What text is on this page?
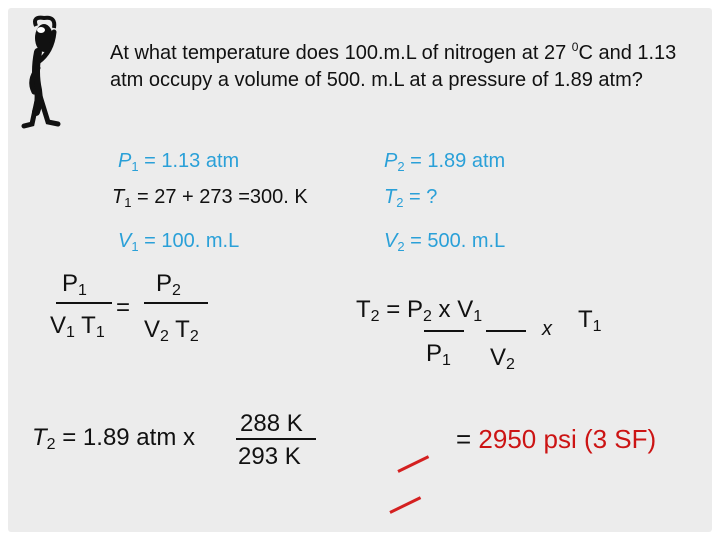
At what temperature does 100.m.L of nitrogen at 27 $^0$C and 1.13 atm occupy a volume of 500. m.L at a pressure of 1.89 atm?
$P_1 = 1.13$ atm
$T_1 = 27 + 273 =300$. K
$V_1 = 100$. m.L
$P_2 = 1.89$ atm
$T_2$ = ?
$V_2 = 500$. m.L
$P_1$
$V_1$ $T_1$
=
$P_2$
$V_2$ $T_2$
$T_2 = P_2$ x $V_1$
$P_1$ $V_2$
x $T_1$
$T_2 = 1.89$ atm x
288 K
293 K
= 2950 psi (3 SF)
